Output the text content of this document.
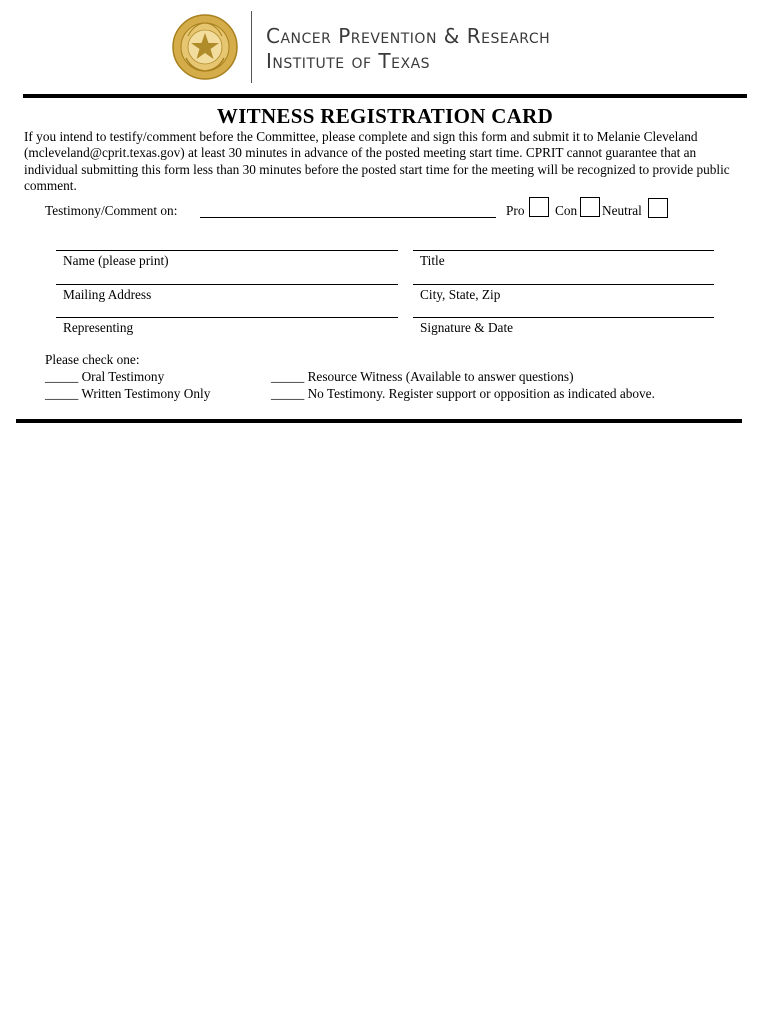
Cancer Prevention & Research
Institute of Texas
WITNESS REGISTRATION CARD
If you intend to testify/comment before the Committee, please complete and sign this form and submit it to Melanie Cleveland (mcleveland@cprit.texas.gov) at least 30 minutes in advance of the posted meeting start time. CPRIT cannot guarantee that an individual submitting this form less than 30 minutes before the posted start time for the meeting will be recognized to provide public comment.
Testimony/Comment on:	Pro Con Neutral
Name (please print)	Title
Mailing Address	City, State, Zip
Representing	Signature & Date
Please check one:
_____ Oral Testimony
_____ Written Testimony Only
_____ Resource Witness (Available to answer questions)
_____ No Testimony. Register support or opposition as indicated above.
